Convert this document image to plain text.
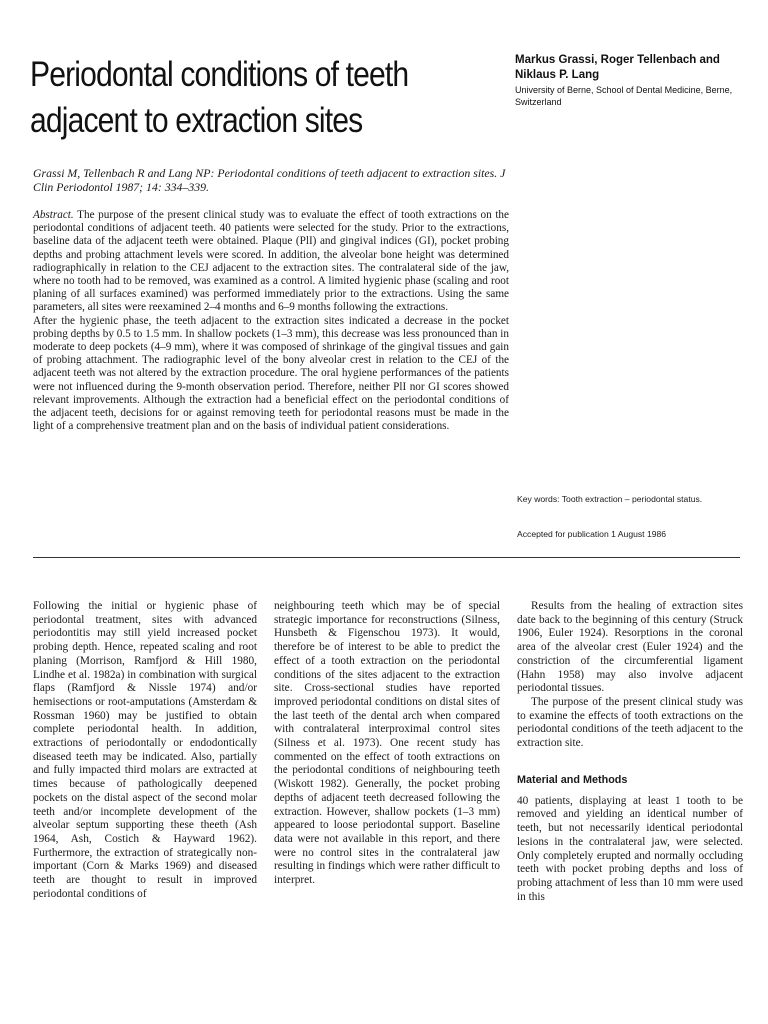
Periodontal conditions of teeth adjacent to extraction sites

Markus Grassi, Roger Tellenbach and Niklaus P. Lang

University of Berne, School of Dental Medicine, Berne, Switzerland

Grassi M, Tellenbach R and Lang NP: Periodontal conditions of teeth adjacent to extraction sites. J Clin Periodontol 1987; 14: 334–339.

Abstract. The purpose of the present clinical study was to evaluate the effect of tooth extractions on the periodontal conditions of adjacent teeth. 40 patients were selected for the study. Prior to the extractions, baseline data of the adjacent teeth were obtained. Plaque (PlI) and gingival indices (GI), pocket probing depths and probing attachment levels were scored. In addition, the alveolar bone height was determined radiographically in relation to the CEJ adjacent to the extraction sites. The contralateral side of the jaw, where no tooth had to be removed, was examined as a control. A limited hygienic phase (scaling and root planing of all surfaces examined) was performed immediately prior to the extractions. Using the same parameters, all sites were reexamined 2–4 months and 6–9 months following the extractions.

After the hygienic phase, the teeth adjacent to the extraction sites indicated a decrease in the pocket probing depths by 0.5 to 1.5 mm. In shallow pockets (1–3 mm), this decrease was less pronounced than in moderate to deep pockets (4–9 mm), where it was composed of shrinkage of the gingival tissues and gain of probing attachment. The radiographic level of the bony alveolar crest in relation to the CEJ of the adjacent teeth was not altered by the extraction procedure. The oral hygiene performances of the patients were not influenced during the 9-month observation period. Therefore, neither PlI nor GI scores showed relevant improvements. Although the extraction had a beneficial effect on the periodontal conditions of the adjacent teeth, decisions for or against removing teeth for periodontal reasons must be made in the light of a comprehensive treatment plan and on the basis of individual patient considerations.

Key words: Tooth extraction – periodontal status.

Accepted for publication 1 August 1986

Following the initial or hygienic phase of periodontal treatment, sites with advanced periodontitis may still yield increased pocket probing depth. Hence, repeated scaling and root planing (Morrison, Ramfjord & Hill 1980, Lindhe et al. 1982a) in combination with surgical flaps (Ramfjord & Nissle 1974) and/or hemisections or root-amputations (Amsterdam & Rossman 1960) may be justified to obtain complete periodontal health. In addition, extractions of periodontally or endodontically diseased teeth may be indicated. Also, partially and fully impacted third molars are extracted at times because of pathologically deepened pockets on the distal aspect of the second molar teeth and/or incomplete development of the alveolar septum supporting these theeth (Ash 1964, Ash, Costich & Hayward 1962). Furthermore, the extraction of strategically non-important (Corn & Marks 1969) and diseased teeth are thought to result in improved periodontal conditions of

neighbouring teeth which may be of special strategic importance for reconstructions (Silness, Hunsbeth & Figenschou 1973). It would, therefore be of interest to be able to predict the effect of a tooth extraction on the periodontal conditions of the sites adjacent to the extraction site. Cross-sectional studies have reported improved periodontal conditions on distal sites of the last teeth of the dental arch when compared with contralateral interproximal control sites (Silness et al. 1973). One recent study has commented on the effect of tooth extractions on the periodontal conditions of neighbouring teeth (Wiskott 1982). Generally, the pocket probing depths of adjacent teeth decreased following the extraction. However, shallow pockets (1–3 mm) appeared to loose periodontal support. Baseline data were not available in this report, and there were no control sites in the contralateral jaw resulting in findings which were rather difficult to interpret.

Results from the healing of extraction sites date back to the beginning of this century (Struck 1906, Euler 1924). Resorptions in the coronal area of the alveolar crest (Euler 1924) and the constriction of the circumferential ligament (Hahn 1958) may also involve adjacent periodontal tissues.

The purpose of the present clinical study was to examine the effects of tooth extractions on the periodontal conditions of the teeth adjacent to the extraction site.

Material and Methods

40 patients, displaying at least 1 tooth to be removed and yielding an identical number of teeth, but not necessarily identical periodontal lesions in the contralateral jaw, were selected. Only completely erupted and normally occluding teeth with pocket probing depths and loss of probing attachment of less than 10 mm were used in this
